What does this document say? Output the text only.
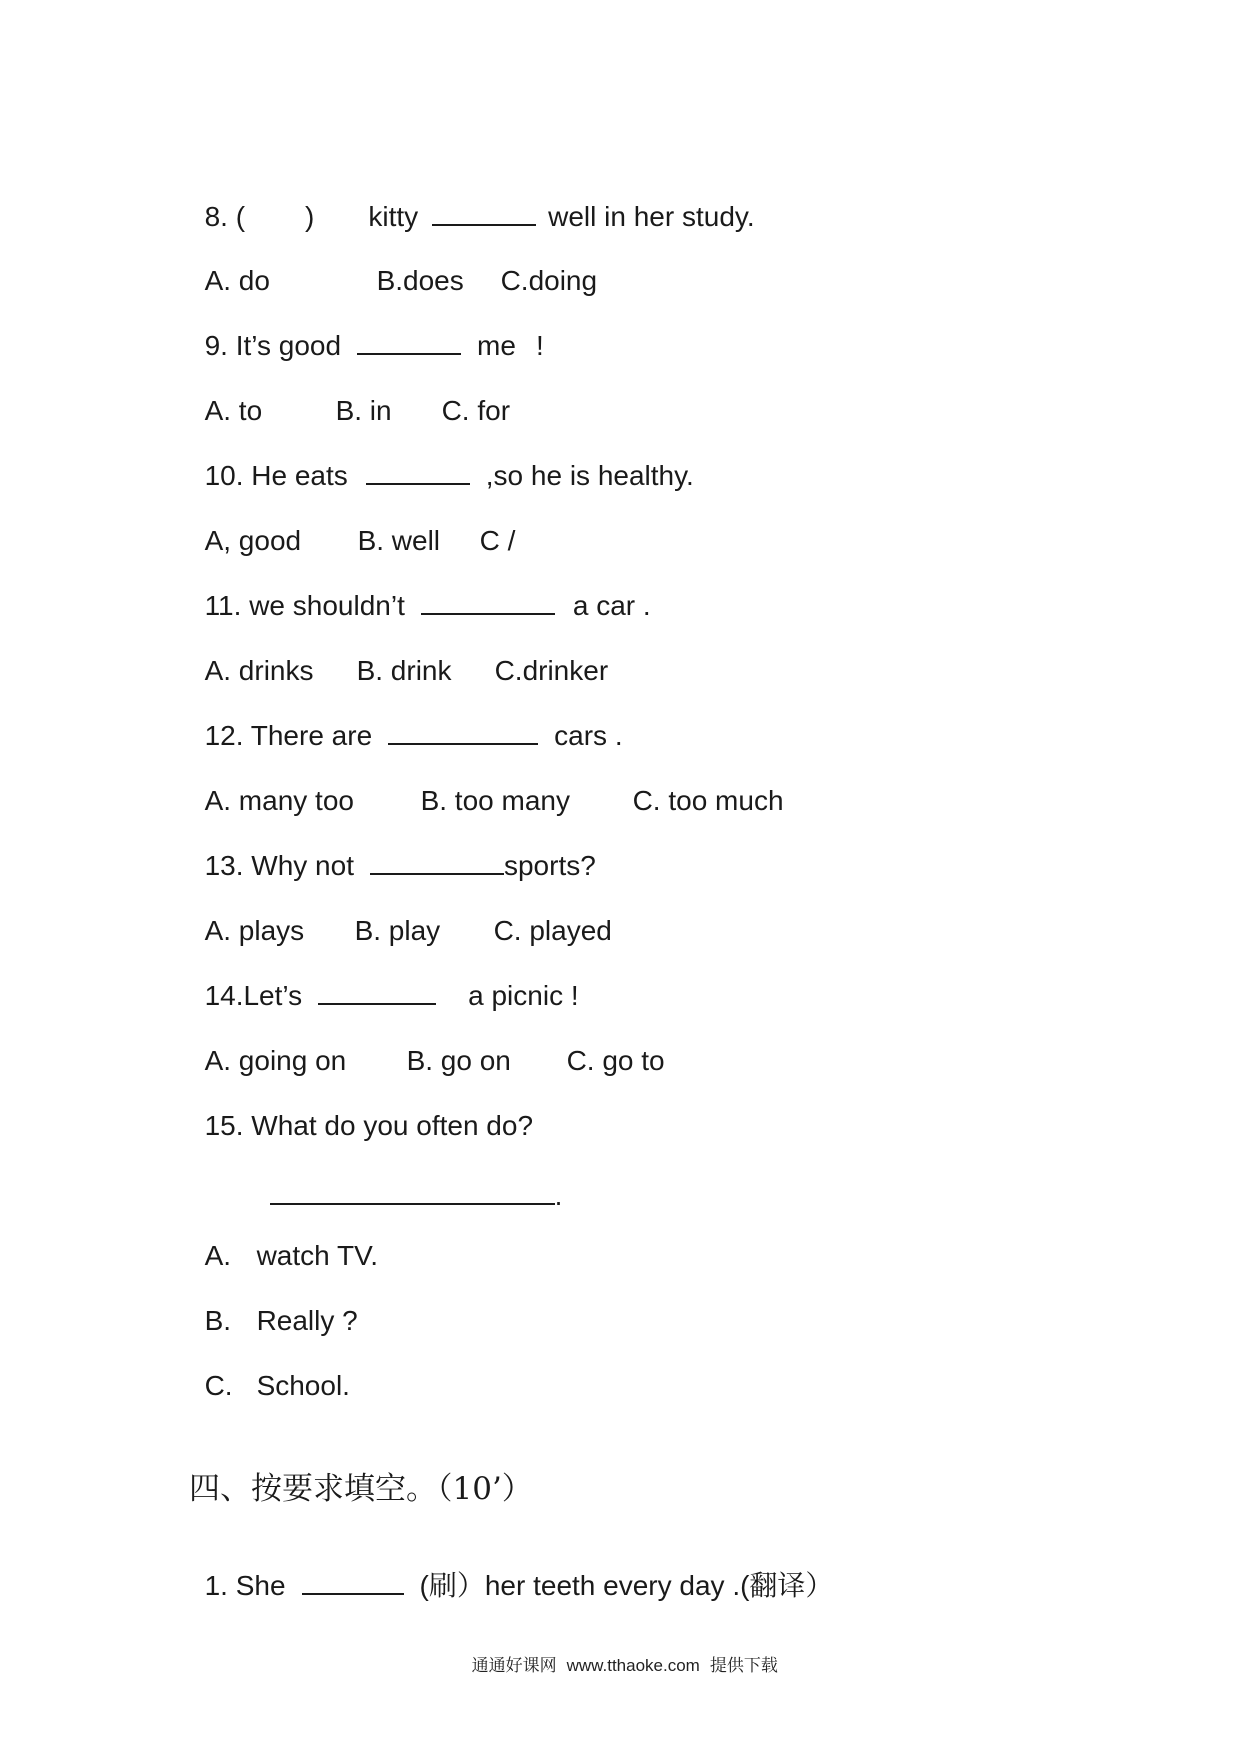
8. ( ) kitty	well in her study.

A. do	B.does C.doing

9. It’s good	me !

A. to	B. in C. for

10. He eats	,so he is healthy.

A, good B. well C /

11. we shouldn’t	a car .

A. drinks B. drink C.drinker

12. There are	cars .

A. many too B. too many C. too much

13. Why not	sports?

A. plays B. play C. played

14.Let’s	a picnic !

A. going on B. go on C. go to

15. What do you often do?

.

A. watch TV.

B. Really ?

C. School.

四、按要求填空。（10’）

1. She	(刷）her teeth every day .(翻译）

通通好课网 www.tthaoke.com 提供下载
